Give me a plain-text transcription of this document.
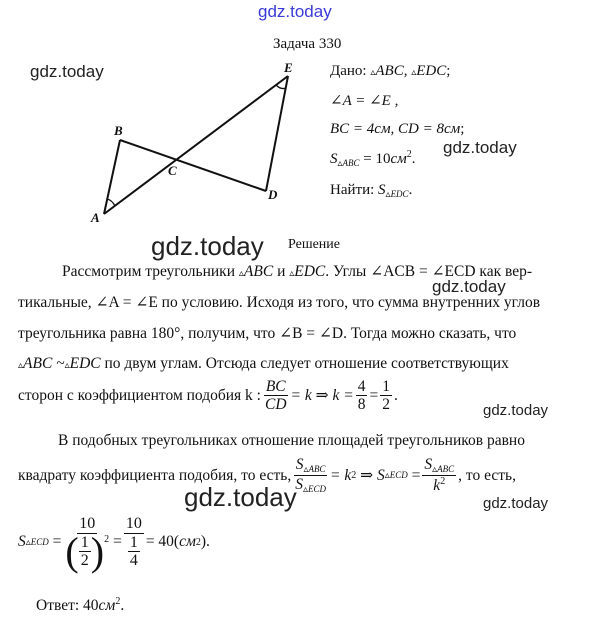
gdz.today
gdz.today
gdz.today
gdz.today
gdz.today
gdz.today
gdz.today	gdz.today
Задача 330
A
B
C
D
E Дано: ▵ABC, ▵EDC;
∠A = ∠E ,
BC = 4см, CD = 8см;
$S_{▵ABC} = 10см^2$.
Найти: $S_{▵EDC}$.
Решение
Рассмотрим треугольники ▵ABC и ▵EDC. Углы ∠ACB = ∠ECD как вер-
тикальные, ∠A = ∠E по условию. Исходя из того, что сумма внутренних углов
треугольника равна 180°, получим, что ∠B = ∠D. Тогда можно сказать, что
▵ABC ~▵EDC по двум углам. Отсюда следует отношение соответствующих
сторон с коэффициентом подобия k : $\frac{BC}{CD} = k$ ⇒ $k = \frac{4}{8} = \frac{1}{2}$ .
В подобных треугольниках отношение площадей треугольников равно
квадрату коэффициента подобия, то есть, $\frac{S_{▵ABC}}{S_{▵ECD}} = k$ 2
⇒ S ▵ECD
= $\frac{S_{▵ABC}}{k^2}$ , то есть,
S ▵ECD
= $\frac{10}{( \frac{1}{2} )^2} = \frac{10}{\frac{1}{4}} = 40$( см 2 ).
Ответ: $40см^2$.
